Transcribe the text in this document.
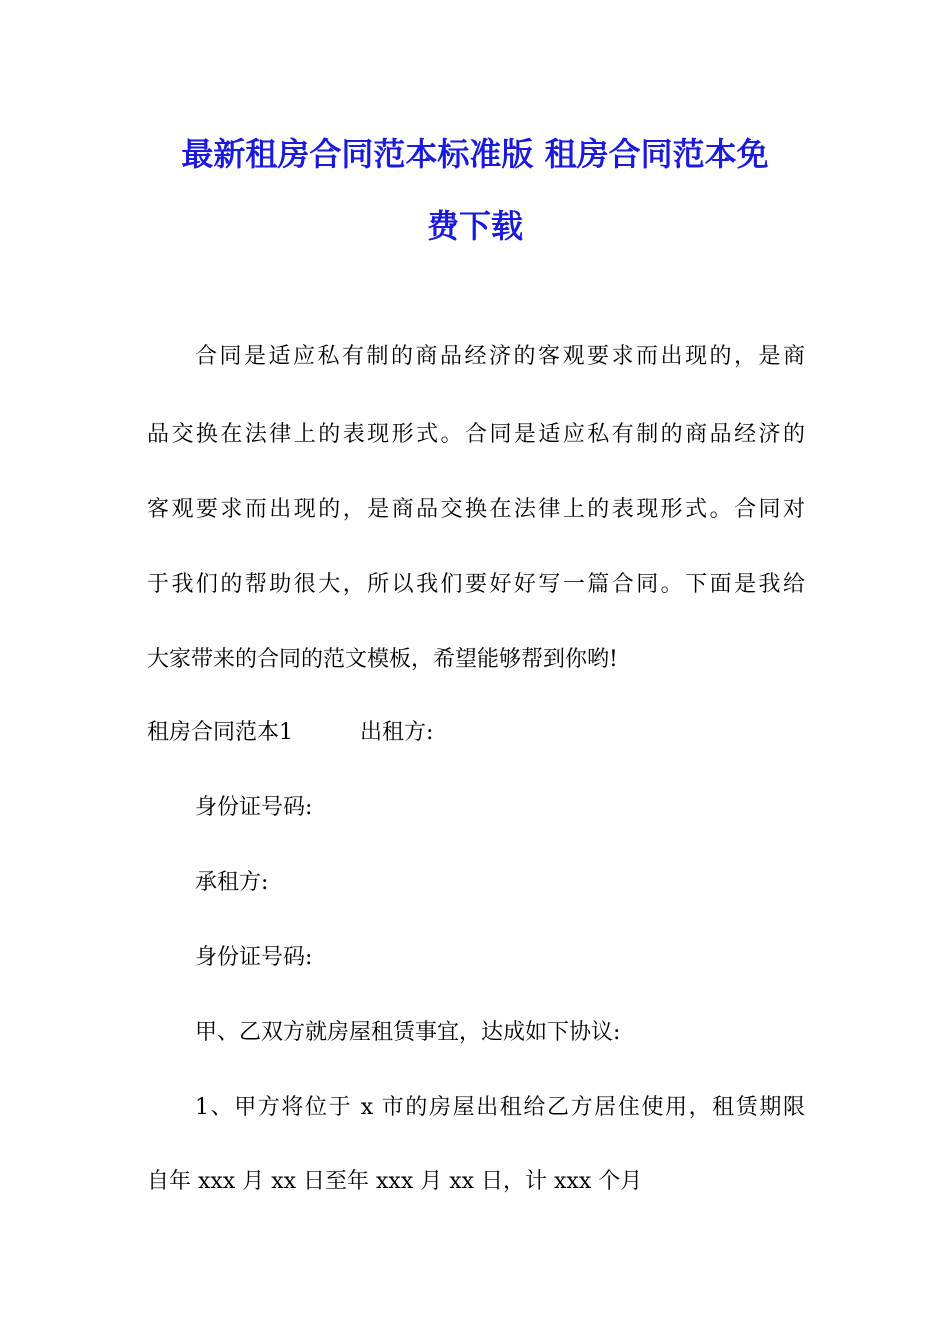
最新租房合同范本标准版 租房合同范本免
费下载
合同是适应私有制的商品经济的客观要求而出现的，是商
品交换在法律上的表现形式。合同是适应私有制的商品经济的
客观要求而出现的，是商品交换在法律上的表现形式。合同对
于我们的帮助很大，所以我们要好好写一篇合同。下面是我给
大家带来的合同的范文模板，希望能够帮到你哟!
租房合同范本1	出租方:
身份证号码:
承租方:
身份证号码:
甲、乙双方就房屋租赁事宜，达成如下协议:
1、甲方将位于 x 市的房屋出租给乙方居住使用，租赁期限
自年 xxx 月 xx 日至年 xxx 月 xx 日，计 xxx 个月
